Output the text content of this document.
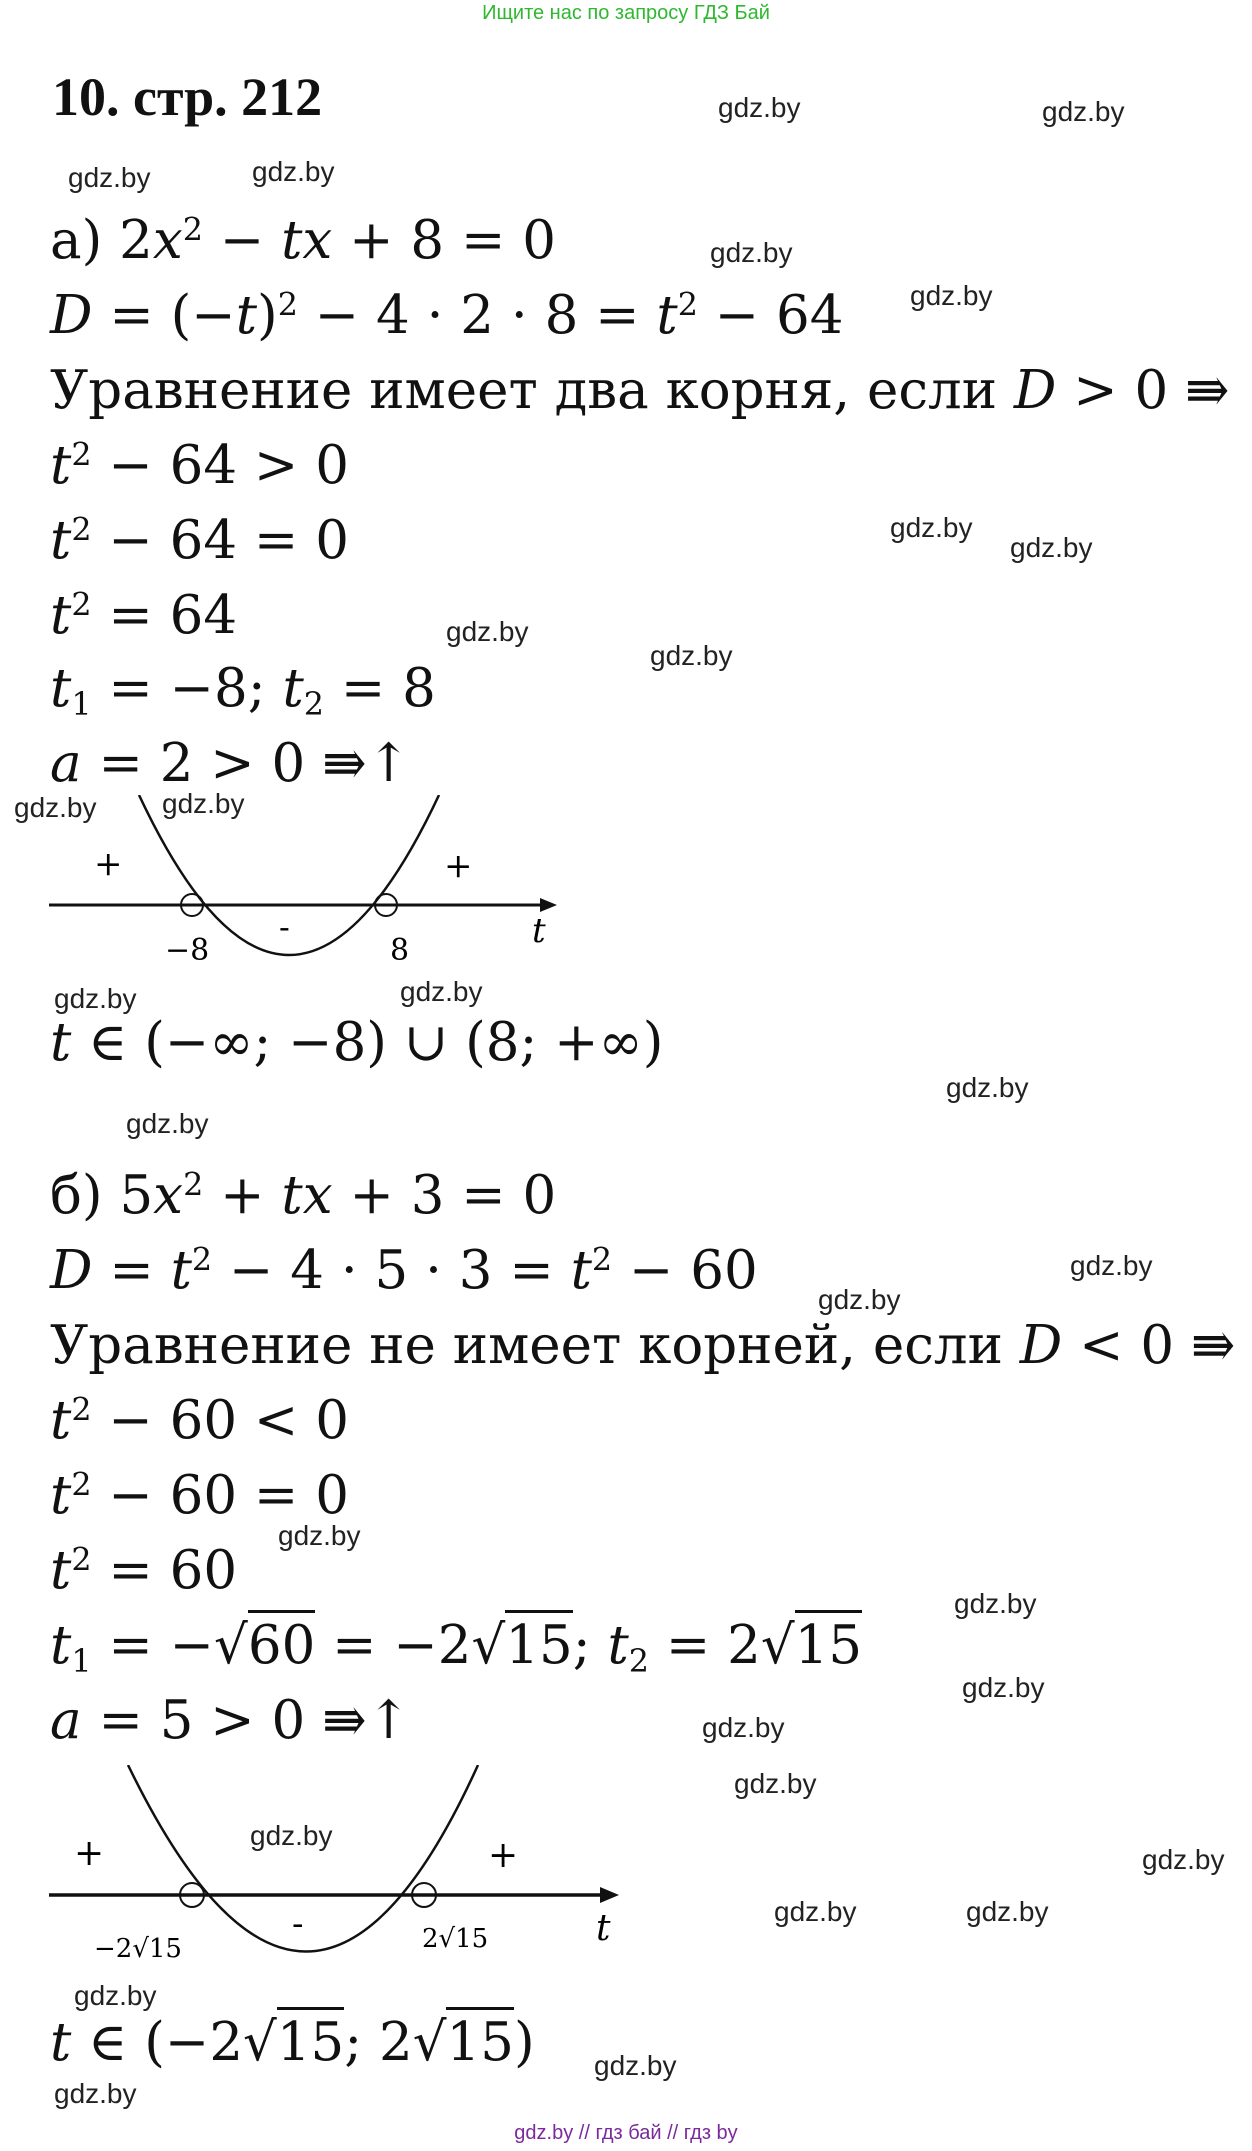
Ищите нас по запросу ГДЗ Бай
10. стр. 212
а) $2x^2$ − tx + 8 = 0
$D = (-t)^2 - 4 \cdot 2 \cdot 8 = t^2 - 64$
Уравнение имеет два корня, если D > 0 ⇛
$t^2 - 64 > 0$
$t^2 - 64 = 0$
$t^2 = 64$
$t_1 = -8$; $t_2 = 8$
a = 2 > 0 ⇛↑
+	+
-
−8	8	t
t ∈ (−∞; −8) ∪ (8; +∞)
б) $5x^2$ + tx + 3 = 0
$D = t^2 - 4 \cdot 5 \cdot 3 = t^2 - 60$
Уравнение не имеет корней, если D < 0 ⇛
$t^2 - 60 < 0$
$t^2 - 60 = 0$
$t^2 = 60$
$t_1 = -√60 = -2√15$; $t_2 = 2√15$
a = 5 > 0 ⇛↑
+	+
-
−2√15	2√15	t
t ∈ (−2√15; 2√15)
gdz.by	gdz.by
gdz.by	gdz.by
gdz.by
gdz.by
gdz.by
gdz.by
gdz.by
gdz.by
gdz.by gdz.by
gdz.by	gdz.by
gdz.by
gdz.by
gdz.by
gdz.by
gdz.by
gdz.by
gdz.by
gdz.by
gdz.by
gdz.by
gdz.by
gdz.by	gdz.by
gdz.by
gdz.by
gdz.by
gdz.by // гдз бай // гдз by
